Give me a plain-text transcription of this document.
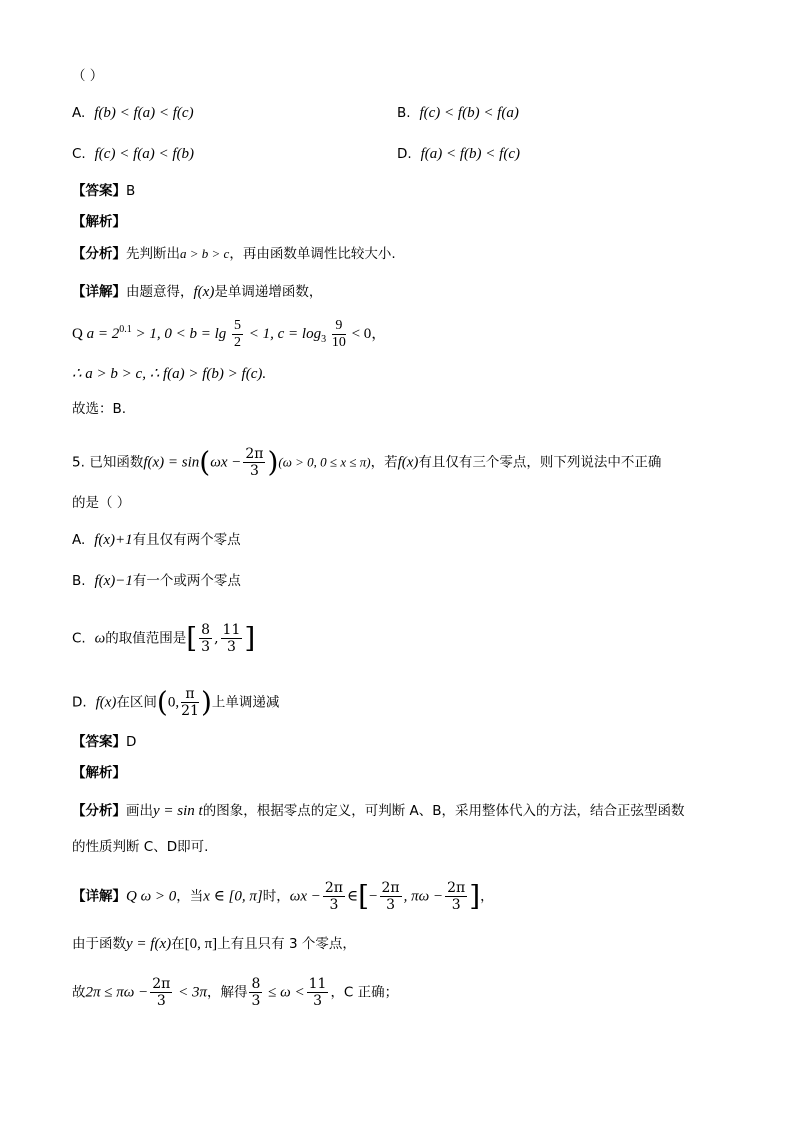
（ ）
A. f(b) < f(a) < f(c)	B. f(c) < f(b) < f(a)
C. f(c) < f(a) < f(b)	D. f(a) < f(b) < f(c)
【答案】B
【解析】
【分析】先判断出a > b > c，再由函数单调性比较大小.
【详解】由题意得，f(x)是单调递增函数，
Q $a = 2^{0.1} > 1$, $0 < b = \lg \frac{5}{2} < 1$, $c = \log_3 \frac{9}{10} < 0$，
∴ a > b > c, ∴ f(a) > f(b) > f(c).
故选：B.
5. 已知函数$f(x) = \sin(\omega x - \frac{2\pi}{3} )(\omega > 0$, 0 ≤ x ≤ π)，若f(x)有且仅有三个零点，则下列说法中不正确
的是（ ）
A. f(x)+1有且仅有两个零点
B. f(x)−1有一个或两个零点
C. ω的取值范围是[ $\frac{8}{3}$ , $\frac{11}{3}$ ]
D. f(x)在区间(0, $\frac{\pi}{21}$ )上单调递减
【答案】D
【解析】
【分析】画出y = sin t的图象，根据零点的定义，可判断 A、B，采用整体代入的方法，结合正弦型函数
的性质判断 C、D即可.
【详解】Q ω > 0，当x ∈ [0, π]时，$\omega x - \frac{2\pi}{3}$ ∈[− $\frac{2\pi}{3}$ , $\pi\omega - \frac{2\pi}{3}$ ]，
由于函数y = f(x)在[0, π]上有且只有 3 个零点，
故$2\pi \le \pi\omega - \frac{2\pi}{3} < 3\pi$，解得 $\frac{8}{3} \le \omega < \frac{11}{3}$ ，C 正确；
